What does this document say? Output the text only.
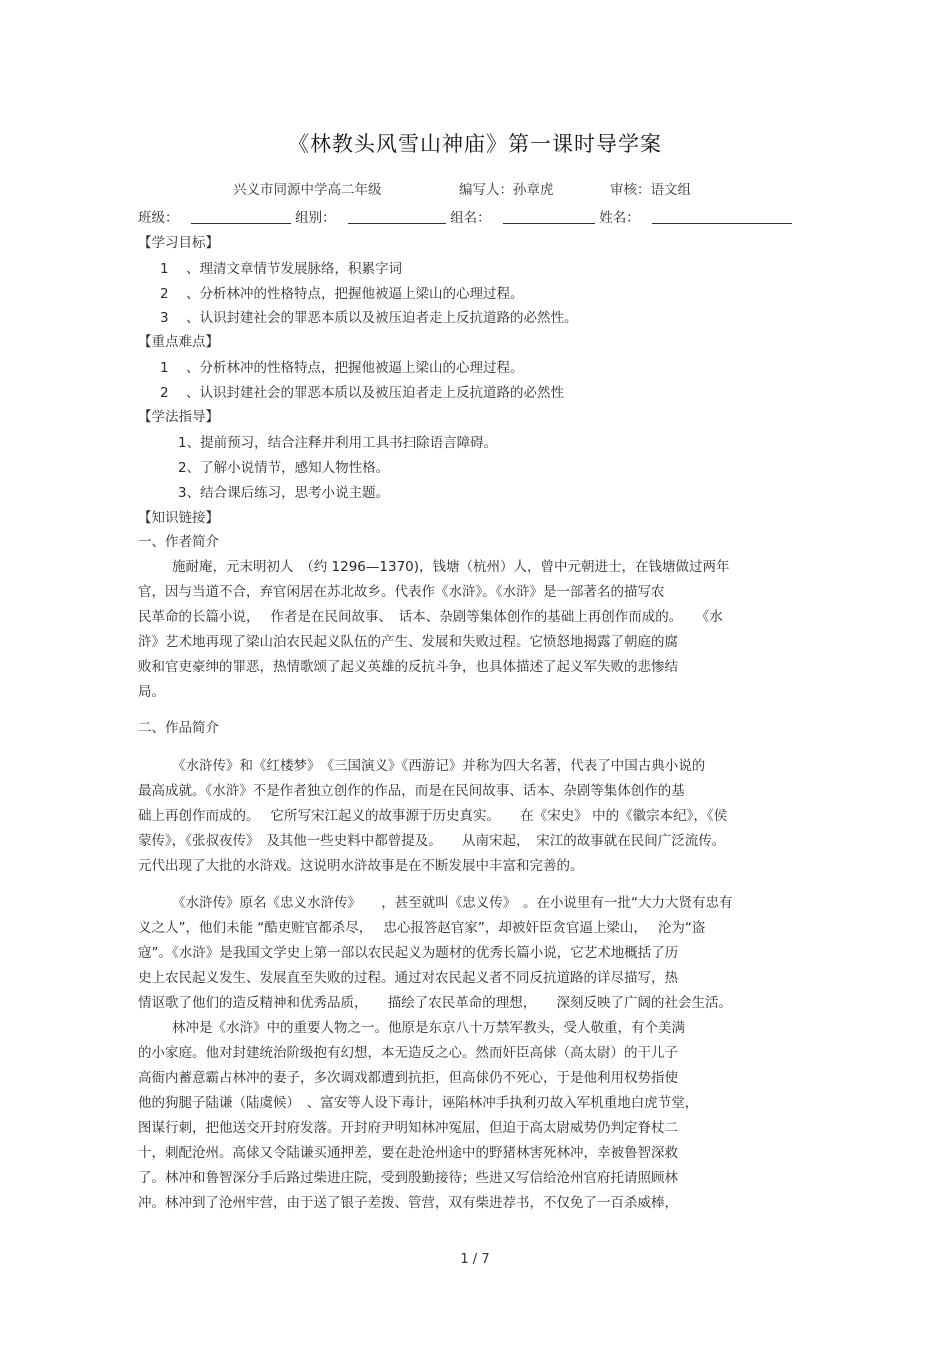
《林教头风雪山神庙》第一课时导学案
兴义市同源中学高二年级	编写人：孙章虎	审核：语文组
班级：	组别：	组名：	姓名：
【学习目标】
1 、理清文章情节发展脉络，积累字词
2 、分析林冲的性格特点，把握他被逼上梁山的心理过程。
3 、认识封建社会的罪恶本质以及被压迫者走上反抗道路的必然性。
【重点难点】
1 、分析林冲的性格特点，把握他被逼上梁山的心理过程。
2 、认识封建社会的罪恶本质以及被压迫者走上反抗道路的必然性
【学法指导】
1、提前预习，结合注释并利用工具书扫除语言障碍。
2、了解小说情节，感知人物性格。
3、结合课后练习，思考小说主题。
【知识链接】
一、作者简介
施耐庵，元末明初人　（约 1296—1370)，钱塘（杭州）人，曾中元朝进士，在钱塘做过两年
官，因与当道不合，弃官闲居在苏北故乡。代表作《水浒》。《水浒》是一部著名的描写农
民革命的长篇小说，　 作者是在民间故事、　话本、杂剧等集体创作的基础上再创作而成的。　　《水
浒》艺术地再现了梁山泊农民起义队伍的产生、发展和失败过程。它愤怒地揭露了朝庭的腐
败和官吏豪绅的罪恶，热情歌颂了起义英雄的反抗斗争，也具体描述了起义军失败的悲惨结
局。
二、作品简介
《水浒传》和《红楼梦》　《三国演义》《西游记》并称为四大名著，代表了中国古典小说的
最高成就。《水浒》不是作者独立创作的作品，而是在民间故事、话本、杂剧等集体创作的基
础上再创作而成的。　 它所写宋江起义的故事源于历史真实。　　在《宋史》 中的《徽宗本纪》，《侯
蒙传》，《张叔夜传》　及其他一些史料中都曾提及。　　从南宋起，　宋江的故事就在民间广泛流传。
元代出现了大批的水浒戏。这说明水浒故事是在不断发展中丰富和完善的。
《水浒传》原名《忠义水浒传》　　，甚至就叫《忠义传》　。在小说里有一批“大力大贤有忠有
义之人”，他们未能 “酷吏赃官都杀尽，　 忠心报答赵官家”，却被奸臣贪官逼上梁山，　 沦为“盗
寇”。《水浒》是我国文学史上第一部以农民起义为题材的优秀长篇小说，它艺术地概括了历
史上农民起义发生、发展直至失败的过程。通过对农民起义者不同反抗道路的详尽描写，热
情讴歌了他们的造反精神和优秀品质，　　描绘了农民革命的理想，　　深刻反映了广阔的社会生活。
林冲是《水浒》中的重要人物之一。他原是东京八十万禁军教头，受人敬重，有个美满
的小家庭。他对封建统治阶级抱有幻想，本无造反之心。然而奸臣高俅（高太尉）的干儿子
高衙内蓄意霸占林冲的妻子，多次调戏都遭到抗拒，但高俅仍不死心，于是他利用权势指使
他的狗腿子陆谦（陆虞候）　、富安等人设下毒计，诬陷林冲手执利刃故入军机重地白虎节堂，
图谋行刺，把他送交开封府发落。开封府尹明知林冲冤屈，但迫于高太尉威势仍判定脊杖二
十，刺配沧州。高俅又令陆谦买通押差，要在赴沧州途中的野猪林害死林冲，幸被鲁智深救
了。林冲和鲁智深分手后路过柴进庄院，受到殷勤接待；些进又写信给沧州官府托请照顾林
冲。林冲到了沧州牢营，由于送了银子差拨、管营，双有柴进荐书，不仅免了一百杀威棒，
1 / 7
